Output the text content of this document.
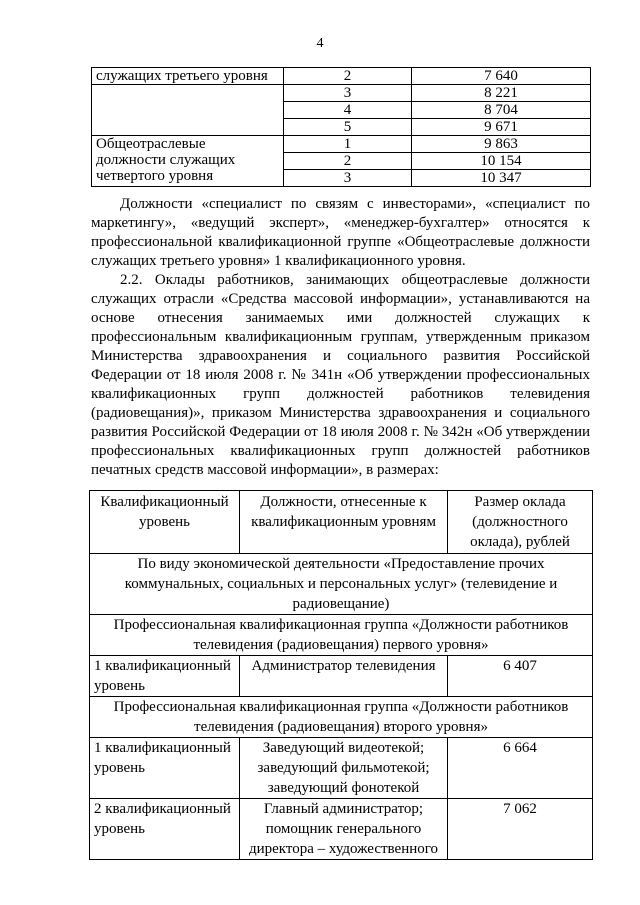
4
служащих третьего уровня	2	7 640
	3	8 221
	4	8 704
	5	9 671
Общеотраслевые должности служащих четвертого уровня	1	9 863
	2	10 154
	3	10 347

Должности «специалист по связям с инвесторами», «специалист по маркетингу», «ведущий эксперт», «менеджер-бухгалтер» относятся к профессиональной квалификационной группе «Общеотраслевые должности служащих третьего уровня» 1 квалификационного уровня.

2.2. Оклады работников, занимающих общеотраслевые должности служащих отрасли «Средства массовой информации», устанавливаются на основе отнесения занимаемых ими должностей служащих к профессиональным квалификационным группам, утвержденным приказом Министерства здравоохранения и социального развития Российской Федерации от 18 июля 2008 г. № 341н «Об утверждении профессиональных квалификационных групп должностей работников телевидения (радиовещания)», приказом Министерства здравоохранения и социального развития Российской Федерации от 18 июля 2008 г. № 342н «Об утверждении профессиональных квалификационных групп должностей работников печатных средств массовой информации», в размерах:

Квалификационный уровень	Должности, отнесенные к квалификационным уровням	Размер оклада (должностного оклада), рублей
По виду экономической деятельности «Предоставление прочих коммунальных, социальных и персональных услуг» (телевидение и радиовещание)		
Профессиональная квалификационная группа «Должности работников телевидения (радиовещания) первого уровня»		
1 квалификационный уровень	Администратор телевидения	6 407
Профессиональная квалификационная группа «Должности работников телевидения (радиовещания) второго уровня»		
1 квалификационный уровень	Заведующий видеотекой; заведующий фильмотекой; заведующий фонотекой	6 664
2 квалификационный уровень	Главный администратор; помощник генерального директора – художественного	7 062
